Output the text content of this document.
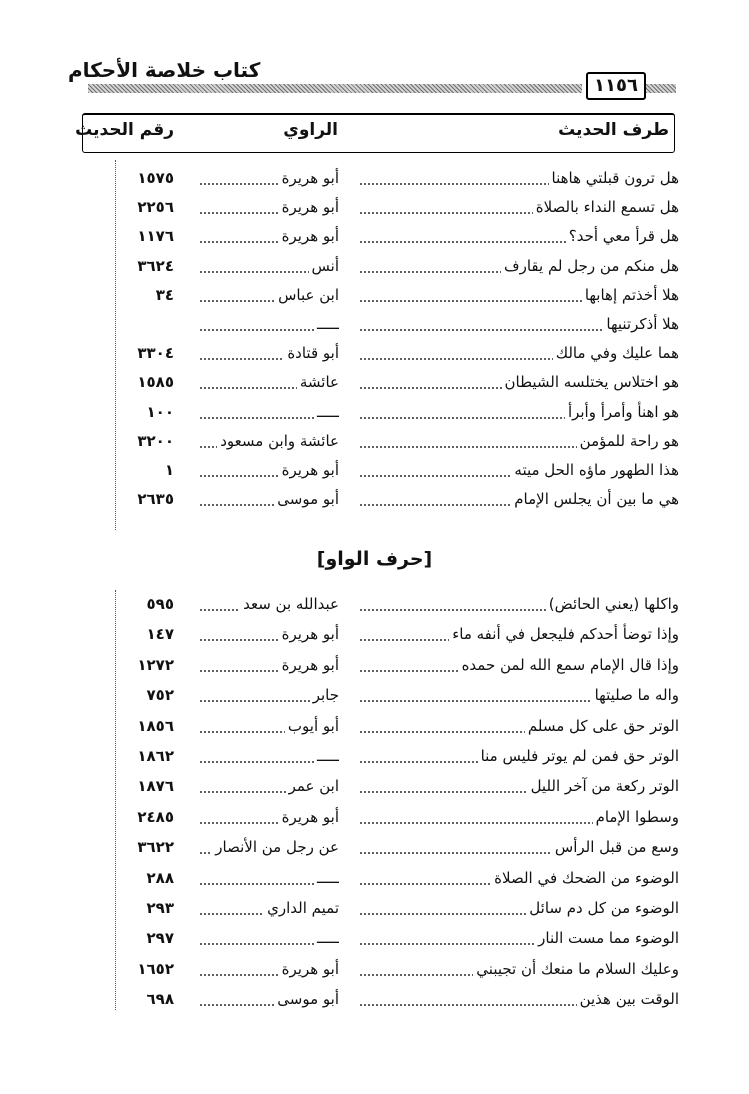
كتاب خلاصة الأحكام
١١٥٦
طرف الحديث
الراوي
رقم الحديث
هل ترون قبلتي هاهنا
أبو هريرة
١٥٧٥
هل تسمع النداء بالصلاة
أبو هريرة
٢٢٥٦
هل قرأ معي أحد؟
أبو هريرة
١١٧٦
هل منكم من رجل لم يقارف
أنس
٣٦٢٤
هلا أخذتم إهابها
ابن عباس
٣٤
هلا أذكرتنيها
ـــــ
هما عليك وفي مالك
أبو قتادة
٣٣٠٤
هو اختلاس يختلسه الشيطان
عائشة
١٥٨٥
هو اهنأ وأمرأ وأبرأ
ـــــ
١٠٠
هو راحة للمؤمن
عائشة وابن مسعود
٣٢٠٠
هذا الطهور ماؤه الحل ميته
أبو هريرة
١
هي ما بين أن يجلس الإمام
أبو موسى
٢٦٣٥
[حرف الواو]
واكلها (يعني الحائض)
عبدالله بن سعد
٥٩٥
وإذا توضأ أحدكم فليجعل في أنفه ماء
أبو هريرة
١٤٧
وإذا قال الإمام سمع الله لمن حمده
أبو هريرة
١٢٧٢
واله ما صليتها
جابر
٧٥٢
الوتر حق على كل مسلم
أبو أيوب
١٨٥٦
الوتر حق فمن لم يوتر فليس منا
ـــــ
١٨٦٢
الوتر ركعة من آخر الليل
ابن عمر
١٨٧٦
وسطوا الإمام
أبو هريرة
٢٤٨٥
وسع من قبل الرأس
عن رجل من الأنصار
٣٦٢٢
الوضوء من الضحك في الصلاة
ـــــ
٢٨٨
الوضوء من كل دم سائل
تميم الداري
٢٩٣
الوضوء مما مست النار
ـــــ
٢٩٧
وعليك السلام ما منعك أن تجيبني
أبو هريرة
١٦٥٢
الوقت بين هذين
أبو موسى
٦٩٨
